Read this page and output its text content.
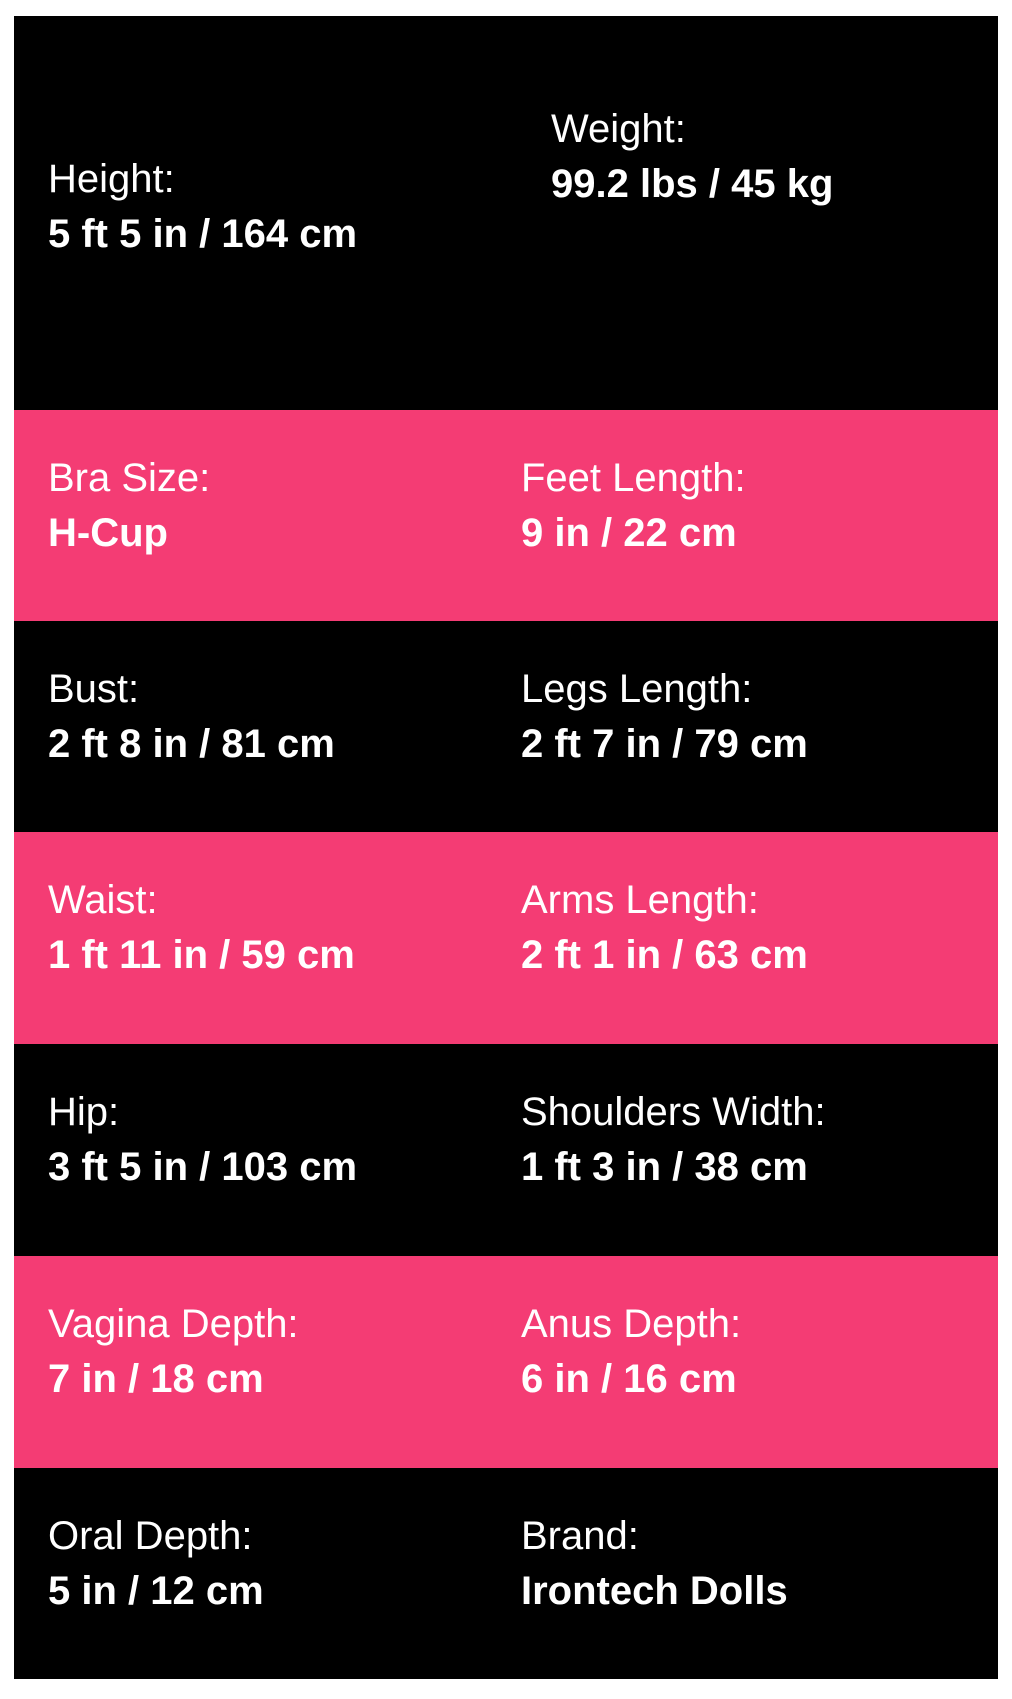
Height:
5 ft 5 in / 164 cm
Weight:
99.2 lbs / 45 kg
Bra Size:
H-Cup
Feet Length:
9 in / 22 cm
Bust:
2 ft 8 in / 81 cm
Legs Length:
2 ft 7 in / 79 cm
Waist:
1 ft 11 in / 59 cm
Arms Length:
2 ft 1 in / 63 cm
Hip:
3 ft 5 in / 103 cm
Shoulders Width:
1 ft 3 in / 38 cm
Vagina Depth:
7 in / 18 cm
Anus Depth:
6 in / 16 cm
Oral Depth:
5 in / 12 cm
Brand:
Irontech Dolls
